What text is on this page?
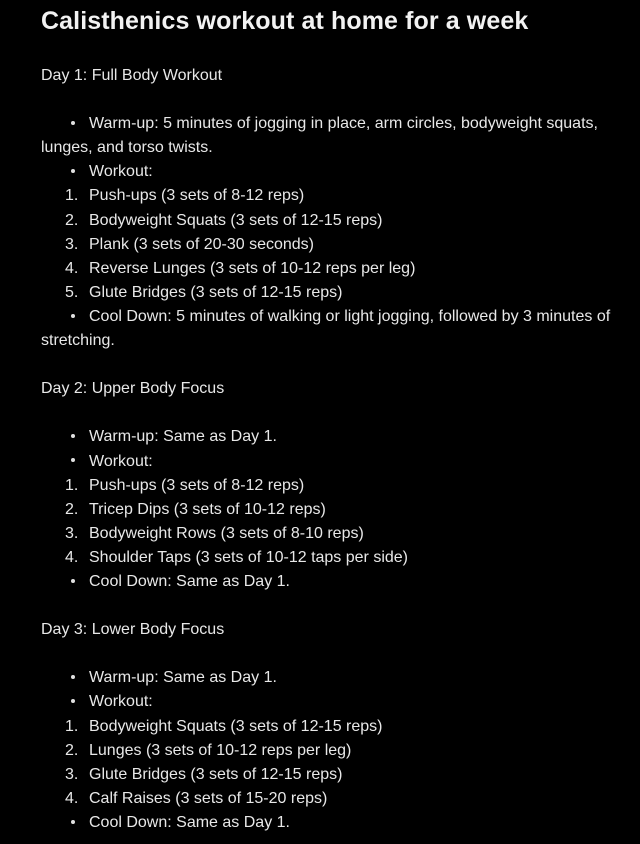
Calisthenics workout at home for a week
Day 1: Full Body Workout
Warm-up: 5 minutes of jogging in place, arm circles, bodyweight squats, lunges, and torso twists.
Workout:
1. Push-ups (3 sets of 8-12 reps)
2. Bodyweight Squats (3 sets of 12-15 reps)
3. Plank (3 sets of 20-30 seconds)
4. Reverse Lunges (3 sets of 10-12 reps per leg)
5. Glute Bridges (3 sets of 12-15 reps)
Cool Down: 5 minutes of walking or light jogging, followed by 3 minutes of stretching.
Day 2: Upper Body Focus
Warm-up: Same as Day 1.
Workout:
1. Push-ups (3 sets of 8-12 reps)
2. Tricep Dips (3 sets of 10-12 reps)
3. Bodyweight Rows (3 sets of 8-10 reps)
4. Shoulder Taps (3 sets of 10-12 taps per side)
Cool Down: Same as Day 1.
Day 3: Lower Body Focus
Warm-up: Same as Day 1.
Workout:
1. Bodyweight Squats (3 sets of 12-15 reps)
2. Lunges (3 sets of 10-12 reps per leg)
3. Glute Bridges (3 sets of 12-15 reps)
4. Calf Raises (3 sets of 15-20 reps)
Cool Down: Same as Day 1.
